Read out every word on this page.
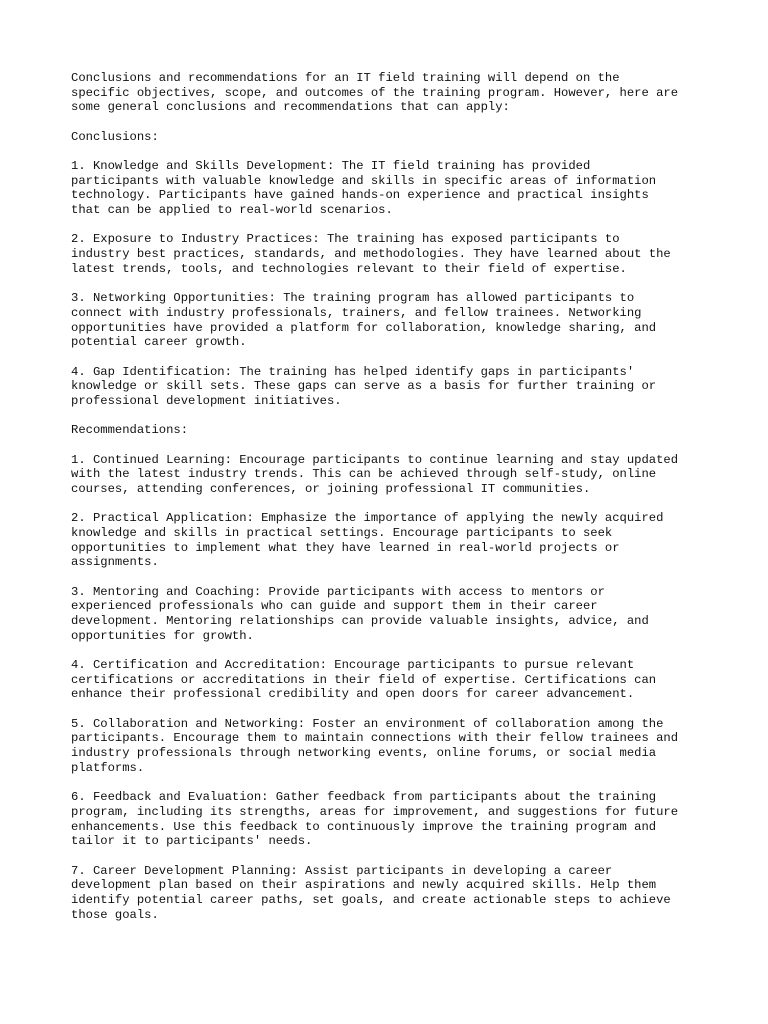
Conclusions and recommendations for an IT field training will depend on the
specific objectives, scope, and outcomes of the training program. However, here are
some general conclusions and recommendations that can apply:

Conclusions:

1. Knowledge and Skills Development: The IT field training has provided
participants with valuable knowledge and skills in specific areas of information
technology. Participants have gained hands-on experience and practical insights
that can be applied to real-world scenarios.

2. Exposure to Industry Practices: The training has exposed participants to
industry best practices, standards, and methodologies. They have learned about the
latest trends, tools, and technologies relevant to their field of expertise.

3. Networking Opportunities: The training program has allowed participants to
connect with industry professionals, trainers, and fellow trainees. Networking
opportunities have provided a platform for collaboration, knowledge sharing, and
potential career growth.

4. Gap Identification: The training has helped identify gaps in participants'
knowledge or skill sets. These gaps can serve as a basis for further training or
professional development initiatives.

Recommendations:

1. Continued Learning: Encourage participants to continue learning and stay updated
with the latest industry trends. This can be achieved through self-study, online
courses, attending conferences, or joining professional IT communities.

2. Practical Application: Emphasize the importance of applying the newly acquired
knowledge and skills in practical settings. Encourage participants to seek
opportunities to implement what they have learned in real-world projects or
assignments.

3. Mentoring and Coaching: Provide participants with access to mentors or
experienced professionals who can guide and support them in their career
development. Mentoring relationships can provide valuable insights, advice, and
opportunities for growth.

4. Certification and Accreditation: Encourage participants to pursue relevant
certifications or accreditations in their field of expertise. Certifications can
enhance their professional credibility and open doors for career advancement.

5. Collaboration and Networking: Foster an environment of collaboration among the
participants. Encourage them to maintain connections with their fellow trainees and
industry professionals through networking events, online forums, or social media
platforms.

6. Feedback and Evaluation: Gather feedback from participants about the training
program, including its strengths, areas for improvement, and suggestions for future
enhancements. Use this feedback to continuously improve the training program and
tailor it to participants' needs.

7. Career Development Planning: Assist participants in developing a career
development plan based on their aspirations and newly acquired skills. Help them
identify potential career paths, set goals, and create actionable steps to achieve
those goals.
